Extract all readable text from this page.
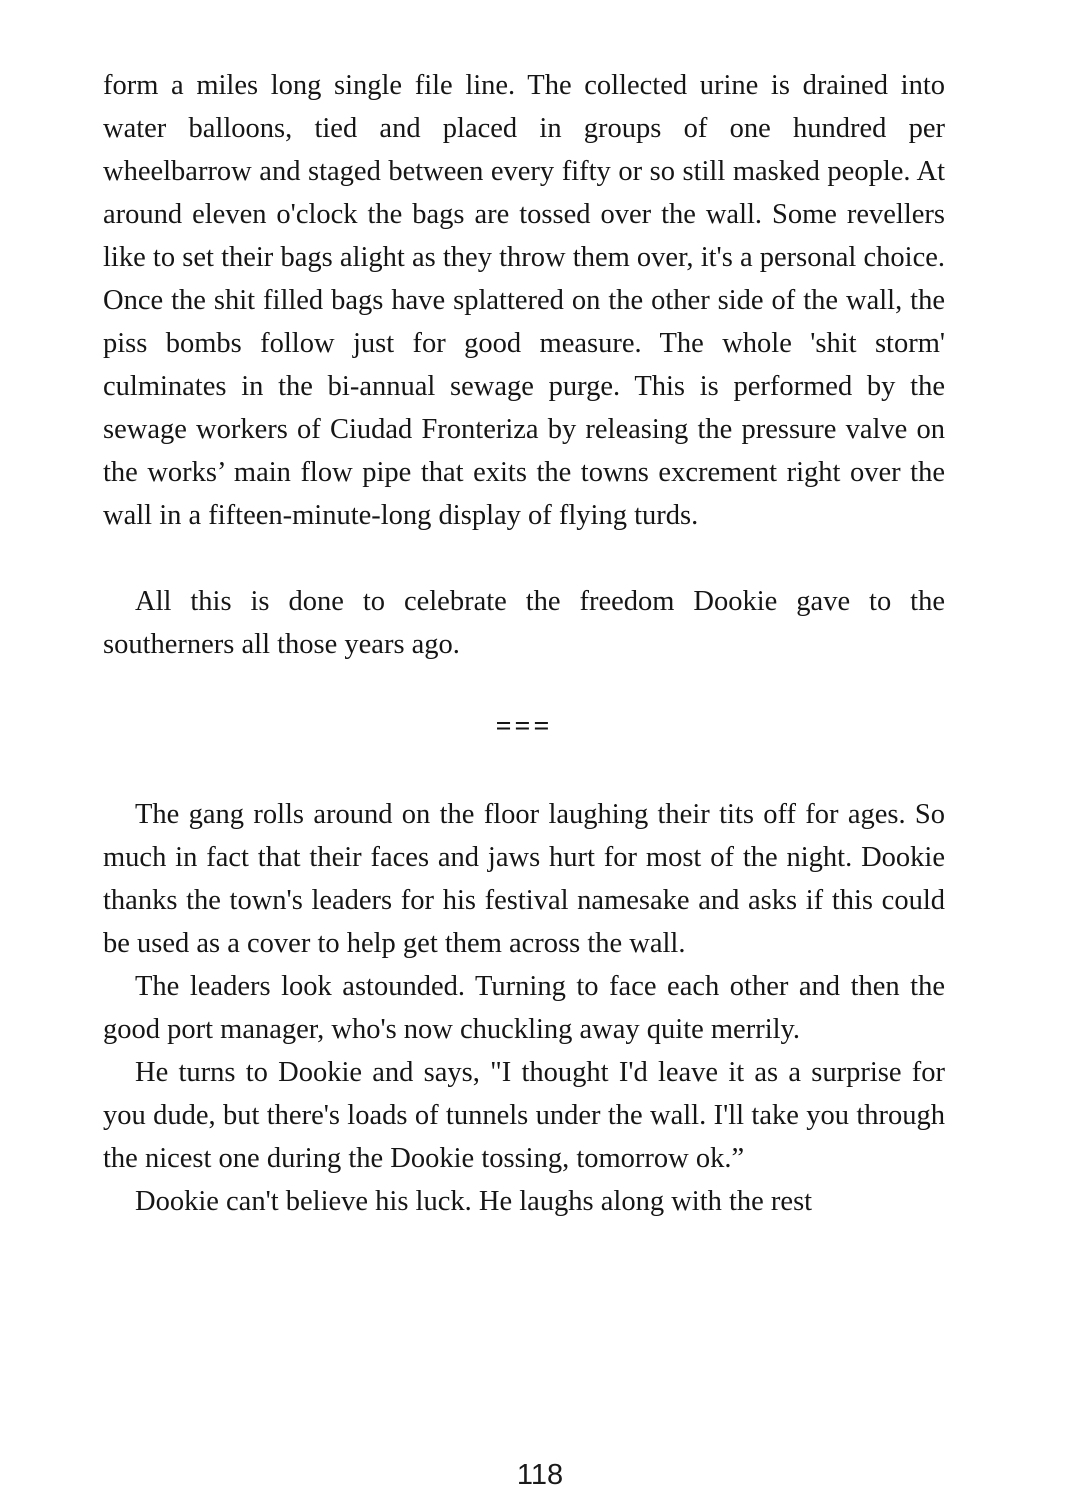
form a miles long single file line. The collected urine is drained into water balloons, tied and placed in groups of one hundred per wheelbarrow and staged between every fifty or so still masked people. At around eleven o'clock the bags are tossed over the wall. Some revellers like to set their bags alight as they throw them over, it's a personal choice. Once the shit filled bags have splattered on the other side of the wall, the piss bombs follow just for good measure. The whole 'shit storm' culminates in the bi-annual sewage purge. This is performed by the sewage workers of Ciudad Fronteriza by releasing the pressure valve on the works’ main flow pipe that exits the towns excrement right over the wall in a fifteen-minute-long display of flying turds.

All this is done to celebrate the freedom Dookie gave to the southerners all those years ago.

===

The gang rolls around on the floor laughing their tits off for ages. So much in fact that their faces and jaws hurt for most of the night. Dookie thanks the town's leaders for his festival namesake and asks if this could be used as a cover to help get them across the wall.

The leaders look astounded. Turning to face each other and then the good port manager, who's now chuckling away quite merrily.

He turns to Dookie and says, "I thought I'd leave it as a surprise for you dude, but there's loads of tunnels under the wall. I'll take you through the nicest one during the Dookie tossing, tomorrow ok.”

Dookie can't believe his luck. He laughs along with the rest

118
